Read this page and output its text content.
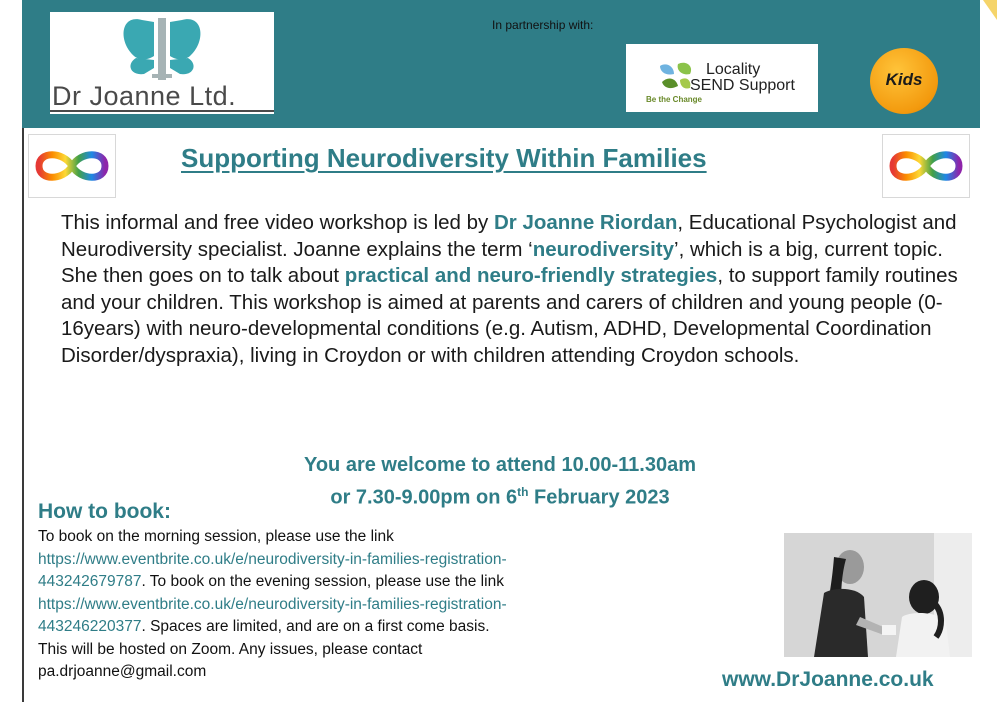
Dr Joanne Ltd.
In partnership with:
Locality
SEND Support
Be the Change
Kids
Supporting Neurodiversity Within Families
This informal and free video workshop is led by Dr Joanne Riordan, Educational Psychologist and Neurodiversity specialist. Joanne explains the term ‘neurodiversity’, which is a big, current topic. She then goes on to talk about practical and neuro-friendly strategies, to support family routines and your children. This workshop is aimed at parents and carers of children and young people (0-16years) with neuro-developmental conditions (e.g. Autism, ADHD, Developmental Coordination Disorder/dyspraxia), living in Croydon or with children attending Croydon schools.
You are welcome to attend 10.00-11.30am
or 7.30-9.00pm on 6th February 2023
How to book:
To book on the morning session, please use the link https://www.eventbrite.co.uk/e/neurodiversity-in-families-registration-443242679787. To book on the evening session, please use the link https://www.eventbrite.co.uk/e/neurodiversity-in-families-registration-443246220377. Spaces are limited, and are on a first come basis. This will be hosted on Zoom. Any issues, please contact pa.drjoanne@gmail.com	www.DrJoanne.co.uk
